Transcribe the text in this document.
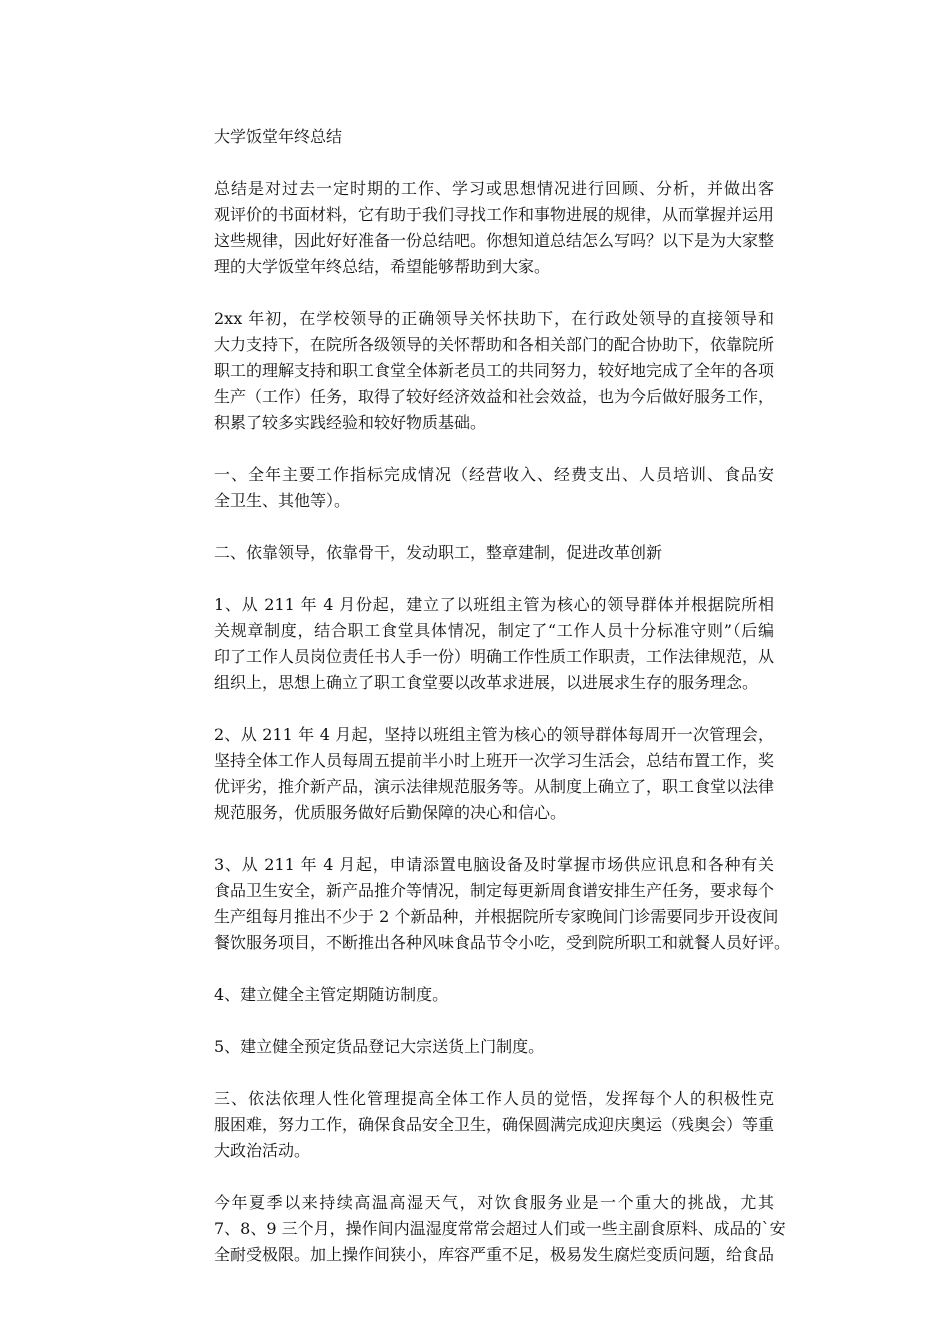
大学饭堂年终总结

总结是对过去一定时期的工作、学习或思想情况进行回顾、分析，并做出客
观评价的书面材料，它有助于我们寻找工作和事物进展的规律，从而掌握并运用
这些规律，因此好好准备一份总结吧。你想知道总结怎么写吗？以下是为大家整
理的大学饭堂年终总结，希望能够帮助到大家。

2xx 年初，在学校领导的正确领导关怀扶助下，在行政处领导的直接领导和
大力支持下，在院所各级领导的关怀帮助和各相关部门的配合协助下，依靠院所
职工的理解支持和职工食堂全体新老员工的共同努力，较好地完成了全年的各项
生产（工作）任务，取得了较好经济效益和社会效益，也为今后做好服务工作，
积累了较多实践经验和较好物质基础。

一、全年主要工作指标完成情况（经营收入、经费支出、人员培训、食品安
全卫生、其他等）。

二、依靠领导，依靠骨干，发动职工，整章建制，促进改革创新

1、从 211 年 4 月份起，建立了以班组主管为核心的领导群体并根据院所相
关规章制度，结合职工食堂具体情况，制定了“工作人员十分标准守则”（后编
印了工作人员岗位责任书人手一份）明确工作性质工作职责，工作法律规范，从
组织上，思想上确立了职工食堂要以改革求进展，以进展求生存的服务理念。

2、从 211 年 4 月起，坚持以班组主管为核心的领导群体每周开一次管理会，
坚持全体工作人员每周五提前半小时上班开一次学习生活会，总结布置工作，奖
优评劣，推介新产品，演示法律规范服务等。从制度上确立了，职工食堂以法律
规范服务，优质服务做好后勤保障的决心和信心。

3、从 211 年 4 月起，申请添置电脑设备及时掌握市场供应讯息和各种有关
食品卫生安全，新产品推介等情况，制定每更新周食谱安排生产任务，要求每个
生产组每月推出不少于 2 个新品种，并根据院所专家晚间门诊需要同步开设夜间
餐饮服务项目，不断推出各种风味食品节令小吃，受到院所职工和就餐人员好评。

4、建立健全主管定期随访制度。

5、建立健全预定货品登记大宗送货上门制度。

三、依法依理人性化管理提高全体工作人员的觉悟，发挥每个人的积极性克
服困难，努力工作，确保食品安全卫生，确保圆满完成迎庆奥运（残奥会）等重
大政治活动。

今年夏季以来持续高温高湿天气，对饮食服务业是一个重大的挑战，尤其
7、8、9 三个月，操作间内温湿度常常会超过人们或一些主副食原料、成品的`安
全耐受极限。加上操作间狭小，库容严重不足，极易发生腐烂变质问题，给食品
